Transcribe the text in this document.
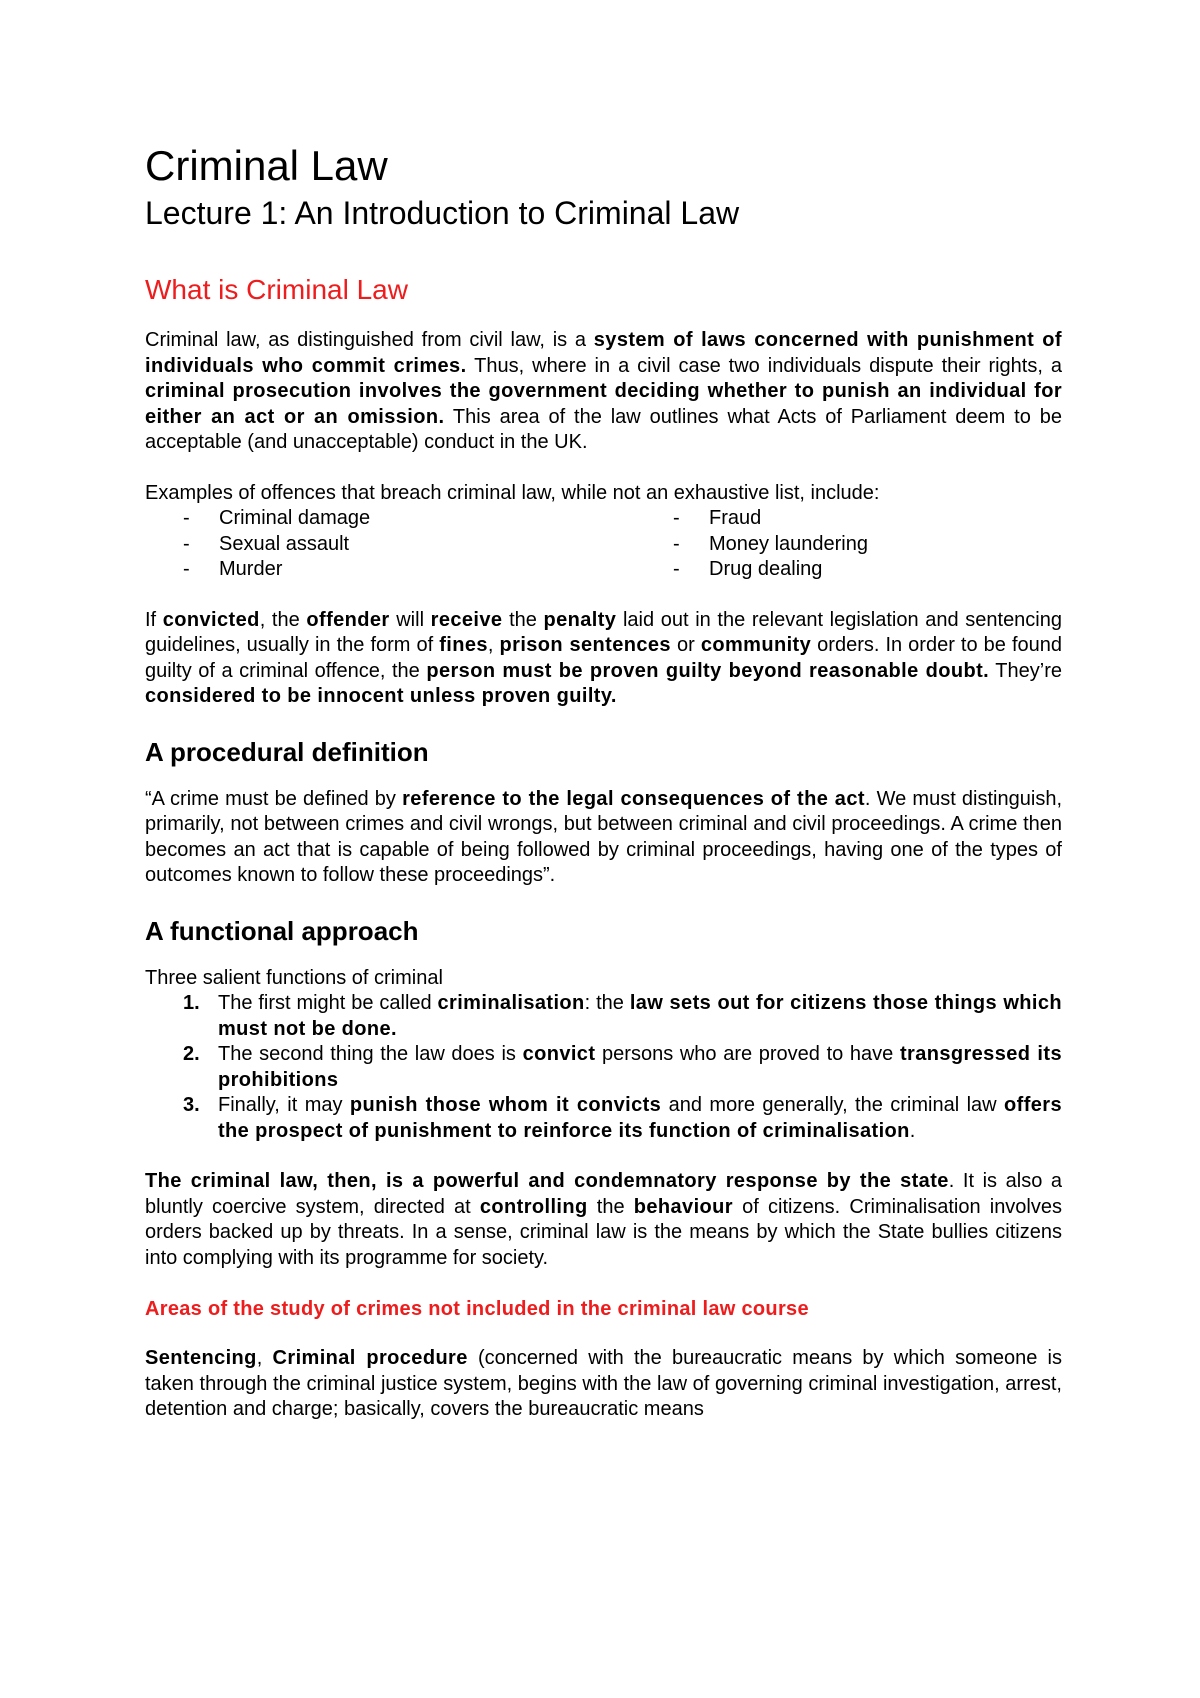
Criminal Law
Lecture 1: An Introduction to Criminal Law
What is Criminal Law

Criminal law, as distinguished from civil law, is a system of laws concerned with punishment of individuals who commit crimes. Thus, where in a civil case two individuals dispute their rights, a criminal prosecution involves the government deciding whether to punish an individual for either an act or an omission. This area of the law outlines what Acts of Parliament deem to be acceptable (and unacceptable) conduct in the UK.

Examples of offences that breach criminal law, while not an exhaustive list, include:
-	Criminal damage
-	Sexual assault
-	Murder
-	Fraud
-	Money laundering
-	Drug dealing

If convicted, the offender will receive the penalty laid out in the relevant legislation and sentencing guidelines, usually in the form of fines, prison sentences or community orders. In order to be found guilty of a criminal offence, the person must be proven guilty beyond reasonable doubt. They’re considered to be innocent unless proven guilty.

A procedural definition

“A crime must be defined by reference to the legal consequences of the act. We must distinguish, primarily, not between crimes and civil wrongs, but between criminal and civil proceedings. A crime then becomes an act that is capable of being followed by criminal proceedings, having one of the types of outcomes known to follow these proceedings”.

A functional approach
Three salient functions of criminal
1. The first might be called criminalisation: the law sets out for citizens those things which must not be done.
2. The second thing the law does is convict persons who are proved to have transgressed its prohibitions
3. Finally, it may punish those whom it convicts and more generally, the criminal law offers the prospect of punishment to reinforce its function of criminalisation.

The criminal law, then, is a powerful and condemnatory response by the state. It is also a bluntly coercive system, directed at controlling the behaviour of citizens. Criminalisation involves orders backed up by threats. In a sense, criminal law is the means by which the State bullies citizens into complying with its programme for society.

Areas of the study of crimes not included in the criminal law course

Sentencing, Criminal procedure (concerned with the bureaucratic means by which someone is taken through the criminal justice system, begins with the law of governing criminal investigation, arrest, detention and charge; basically, covers the bureaucratic means
